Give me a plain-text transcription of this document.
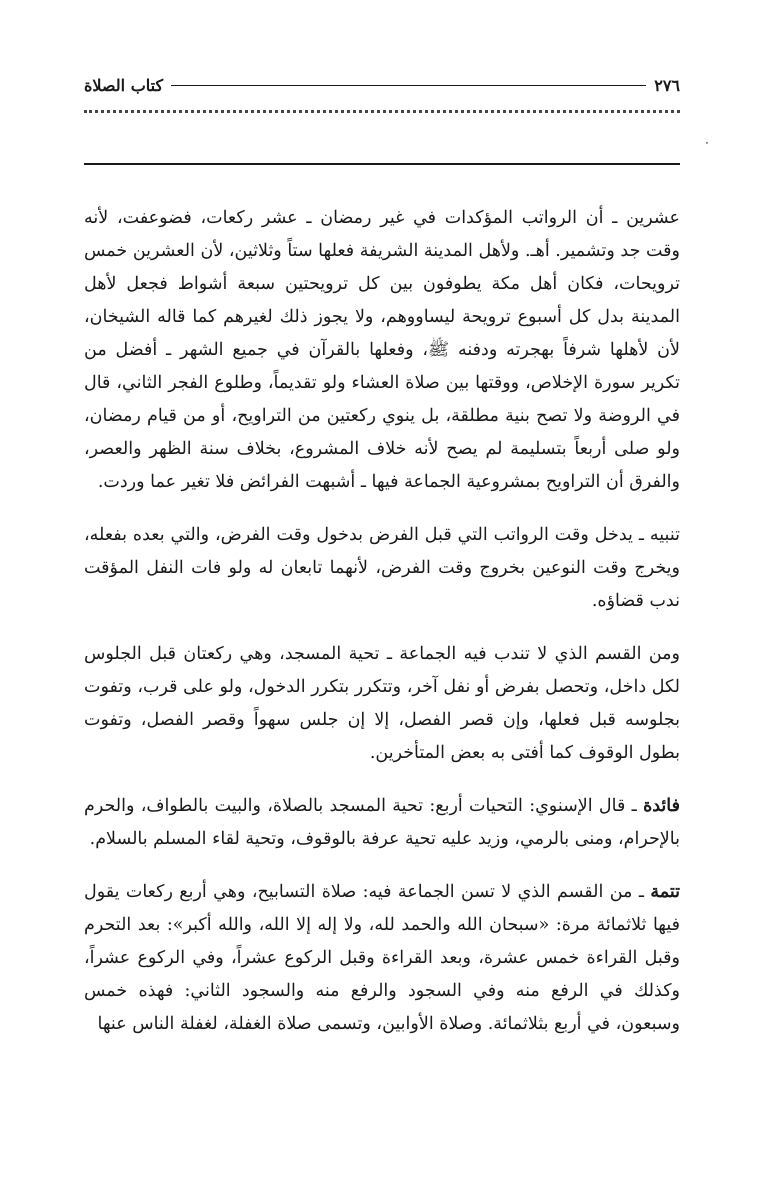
٢٧٦
كتاب الصلاة
⸼

عشرين ـ أن الرواتب المؤكدات في غير رمضان ـ عشر ركعات، فضوعفت، لأنه وقت جد وتشمير. أهـ. ولأهل المدينة الشريفة فعلها ستاً وثلاثين، لأن العشرين خمس ترويحات، فكان أهل مكة يطوفون بين كل ترويحتين سبعة أشواط فجعل لأهل المدينة بدل كل أسبوع ترويحة ليساووهم، ولا يجوز ذلك لغيرهم كما قاله الشيخان، لأن لأهلها شرفاً بهجرته ودفنه ﷺ، وفعلها بالقرآن في جميع الشهر ـ أفضل من تكرير سورة الإخلاص، ووقتها بين صلاة العشاء ولو تقديماً، وطلوع الفجر الثاني، قال في الروضة ولا تصح بنية مطلقة، بل ينوي ركعتين من التراويح، أو من قيام رمضان، ولو صلى أربعاً بتسليمة لم يصح لأنه خلاف المشروع، بخلاف سنة الظهر والعصر، والفرق أن التراويح بمشروعية الجماعة فيها ـ أشبهت الفرائض فلا تغير عما وردت.

تنبيه ـ يدخل وقت الرواتب التي قبل الفرض بدخول وقت الفرض، والتي بعده بفعله، ويخرج وقت النوعين بخروج وقت الفرض، لأنهما تابعان له ولو فات النفل المؤقت ندب قضاؤه.

ومن القسم الذي لا تندب فيه الجماعة ـ تحية المسجد، وهي ركعتان قبل الجلوس لكل داخل، وتحصل بفرض أو نفل آخر، وتتكرر بتكرر الدخول، ولو على قرب، وتفوت بجلوسه قبل فعلها، وإن قصر الفصل، إلا إن جلس سهواً وقصر الفصل، وتفوت بطول الوقوف كما أفتى به بعض المتأخرين.

فائدة ـ قال الإسنوي: التحيات أربع: تحية المسجد بالصلاة، والبيت بالطواف، والحرم بالإحرام، ومنى بالرمي، وزيد عليه تحية عرفة بالوقوف، وتحية لقاء المسلم بالسلام.

تتمة ـ من القسم الذي لا تسن الجماعة فيه: صلاة التسابيح، وهي أربع ركعات يقول فيها ثلاثمائة مرة: «سبحان الله والحمد لله، ولا إله إلا الله، والله أكبر»: بعد التحرم وقبل القراءة خمس عشرة، وبعد القراءة وقبل الركوع عشراً، وفي الركوع عشراً، وكذلك في الرفع منه وفي السجود والرفع منه والسجود الثاني: فهذه خمس وسبعون، في أربع بثلاثمائة. وصلاة الأوابين، وتسمى صلاة الغفلة، لغفلة الناس عنها
